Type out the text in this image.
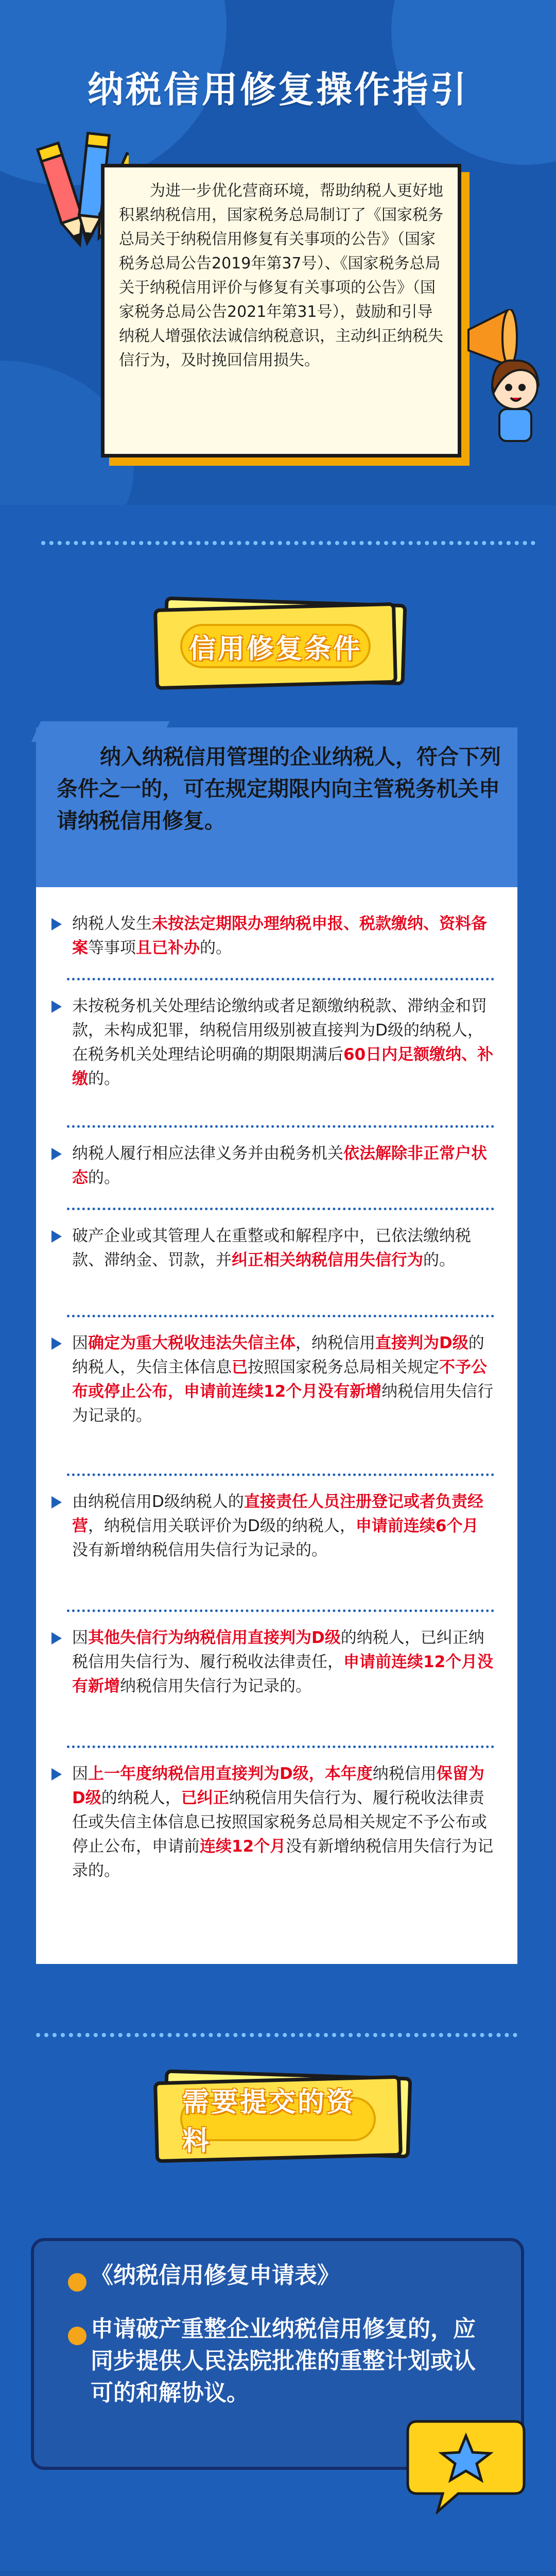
纳税信用修复操作指引

为进一步优化营商环境，帮助纳税人更好地积累纳税信用，国家税务总局制订了《国家税务总局关于纳税信用修复有关事项的公告》（国家税务总局公告2019年第37号）、《国家税务总局关于纳税信用评价与修复有关事项的公告》（国家税务总局公告2021年第31号），鼓励和引导纳税人增强依法诚信纳税意识，主动纠正纳税失信行为，及时挽回信用损失。

信用修复条件

纳入纳税信用管理的企业纳税人，符合下列条件之一的，可在规定期限内向主管税务机关申请纳税信用修复。

纳税人发生未按法定期限办理纳税申报、税款缴纳、资料备案等事项且已补办的。
未按税务机关处理结论缴纳或者足额缴纳税款、滞纳金和罚款，未构成犯罪，纳税信用级别被直接判为D级的纳税人，在税务机关处理结论明确的期限期满后60日内足额缴纳、补缴的。
纳税人履行相应法律义务并由税务机关依法解除非正常户状态的。
破产企业或其管理人在重整或和解程序中，已依法缴纳税款、滞纳金、罚款，并纠正相关纳税信用失信行为的。
因确定为重大税收违法失信主体，纳税信用直接判为D级的纳税人，失信主体信息已按照国家税务总局相关规定不予公布或停止公布，申请前连续12个月没有新增纳税信用失信行为记录的。
由纳税信用D级纳税人的直接责任人员注册登记或者负责经营，纳税信用关联评价为D级的纳税人，申请前连续6个月没有新增纳税信用失信行为记录的。
因其他失信行为纳税信用直接判为D级的纳税人，已纠正纳税信用失信行为、履行税收法律责任，申请前连续12个月没有新增纳税信用失信行为记录的。
因上一年度纳税信用直接判为D级，本年度纳税信用保留为D级的纳税人，已纠正纳税信用失信行为、履行税收法律责任或失信主体信息已按照国家税务总局相关规定不予公布或停止公布，申请前连续12个月没有新增纳税信用失信行为记录的。
需要提交的资料

《纳税信用修复申请表》

申请破产重整企业纳税信用修复的，应同步提供人民法院批准的重整计划或认可的和解协议。
